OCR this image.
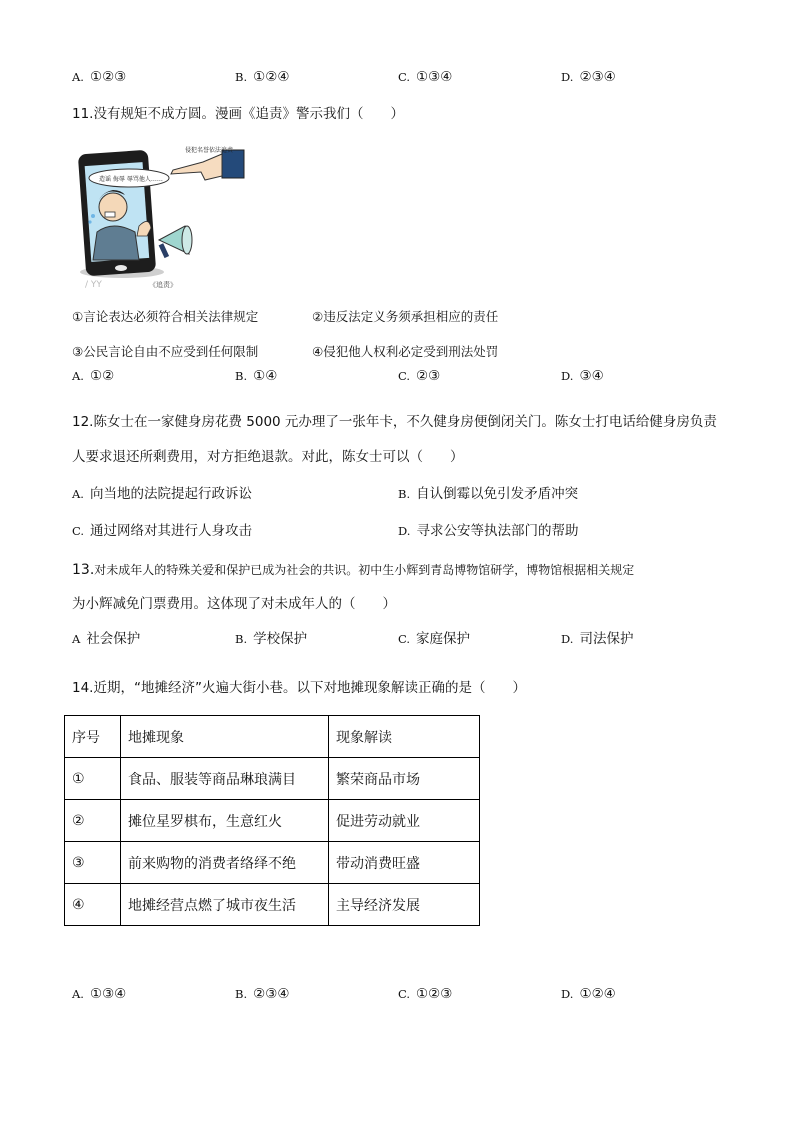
A. ①②③	B. ①②④	C. ①③④	D. ②③④
11.没有规矩不成方圆。漫画《追责》警示我们（　　）
造谣 侮辱 辱骂他人……
侵犯名誉依法追责
《追责》
/ YY
①言论表达必须符合相关法律规定	②违反法定义务须承担相应的责任
③公民言论自由不应受到任何限制	④侵犯他人权利必定受到刑法处罚
A. ①②	B. ①④	C. ②③	D. ③④
12.陈女士在一家健身房花费 5000 元办理了一张年卡，不久健身房便倒闭关门。陈女士打电话给健身房负责
人要求退还所剩费用，对方拒绝退款。对此，陈女士可以（　　）
A. 向当地的法院提起行政诉讼	B. 自认倒霉以免引发矛盾冲突
C. 通过网络对其进行人身攻击	D. 寻求公安等执法部门的帮助
13.对未成年人的特殊关爱和保护已成为社会的共识。初中生小辉到青岛博物馆研学，博物馆根据相关规定
为小辉减免门票费用。这体现了对未成年人的（　　）
A 社会保护	B. 学校保护	C. 家庭保护	D. 司法保护
14.近期，“地摊经济”火遍大街小巷。以下对地摊现象解读正确的是（　　）
序号	地摊现象	现象解读
①	食品、服装等商品琳琅满目	繁荣商品市场
②	摊位星罗棋布，生意红火	促进劳动就业
③	前来购物的消费者络绎不绝	带动消费旺盛
④	地摊经营点燃了城市夜生活	主导经济发展
A. ①③④	B. ②③④	C. ①②③	D. ①②④
